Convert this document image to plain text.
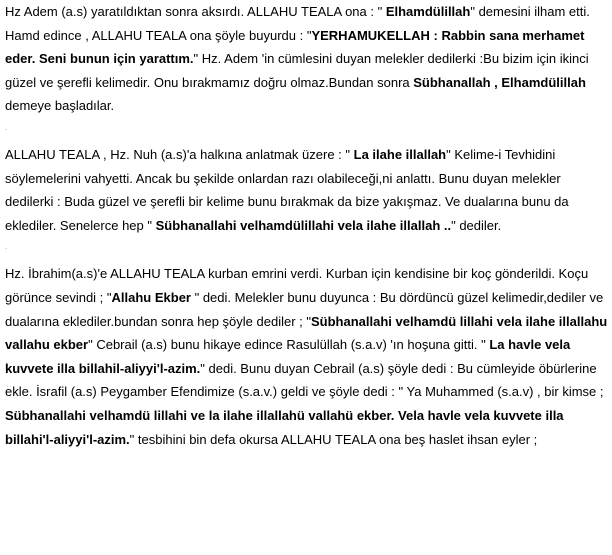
Hz Adem (a.s) yaratıldıktan sonra aksırdı. ALLAHU TEALA ona : " Elhamdülillah" demesini ilham etti. Hamd edince , ALLAHU TEALA ona şöyle buyurdu : "YERHAMUKELLAH : Rabbin sana merhamet eder. Seni bunun için yarattım." Hz. Adem 'in cümlesini duyan melekler dedilerki :Bu bizim için ikinci güzel ve şerefli kelimedir. Onu bırakmamız doğru olmaz.Bundan sonra Sübhanallah , Elhamdülillah demeye başladılar.

.

ALLAHU TEALA , Hz. Nuh (a.s)'a halkına anlatmak üzere : " La ilahe illallah" Kelime-i Tevhidini söylemelerini vahyetti. Ancak bu şekilde onlardan razı olabileceği,ni anlattı. Bunu duyan melekler dedilerki : Buda güzel ve şerefli bir kelime bunu bırakmak da bize yakışmaz. Ve dualarına bunu da eklediler. Senelerce hep " Sübhanallahi velhamdülillahi vela ilahe illallah .." dediler.

.

Hz. İbrahim(a.s)'e ALLAHU TEALA kurban emrini verdi. Kurban için kendisine bir koç gönderildi. Koçu görünce sevindi ; "Allahu Ekber " dedi. Melekler bunu duyunca : Bu dördüncü güzel kelimedir,dediler ve dualarına eklediler.bundan sonra hep şöyle dediler ; "Sübhanallahi velhamdü lillahi vela ilahe illallahu vallahu ekber" Cebrail (a.s) bunu hikaye edince Rasulüllah (s.a.v) 'ın hoşuna gitti. " La havle vela kuvvete illa billahil-aliyyi'l-azim." dedi. Bunu duyan Cebrail (a.s) şöyle dedi : Bu cümleyide öbürlerine ekle. İsrafil (a.s) Peygamber Efendimize (s.a.v.) geldi ve şöyle dedi : " Ya Muhammed (s.a.v) , bir kimse ;

Sübhanallahi velhamdü lillahi ve la ilahe illallahü vallahü ekber. Vela havle vela kuvvete illa billahi'l-aliyyi'l-azim." tesbihini bin defa okursa ALLAHU TEALA ona beş haslet ihsan eyler ;
